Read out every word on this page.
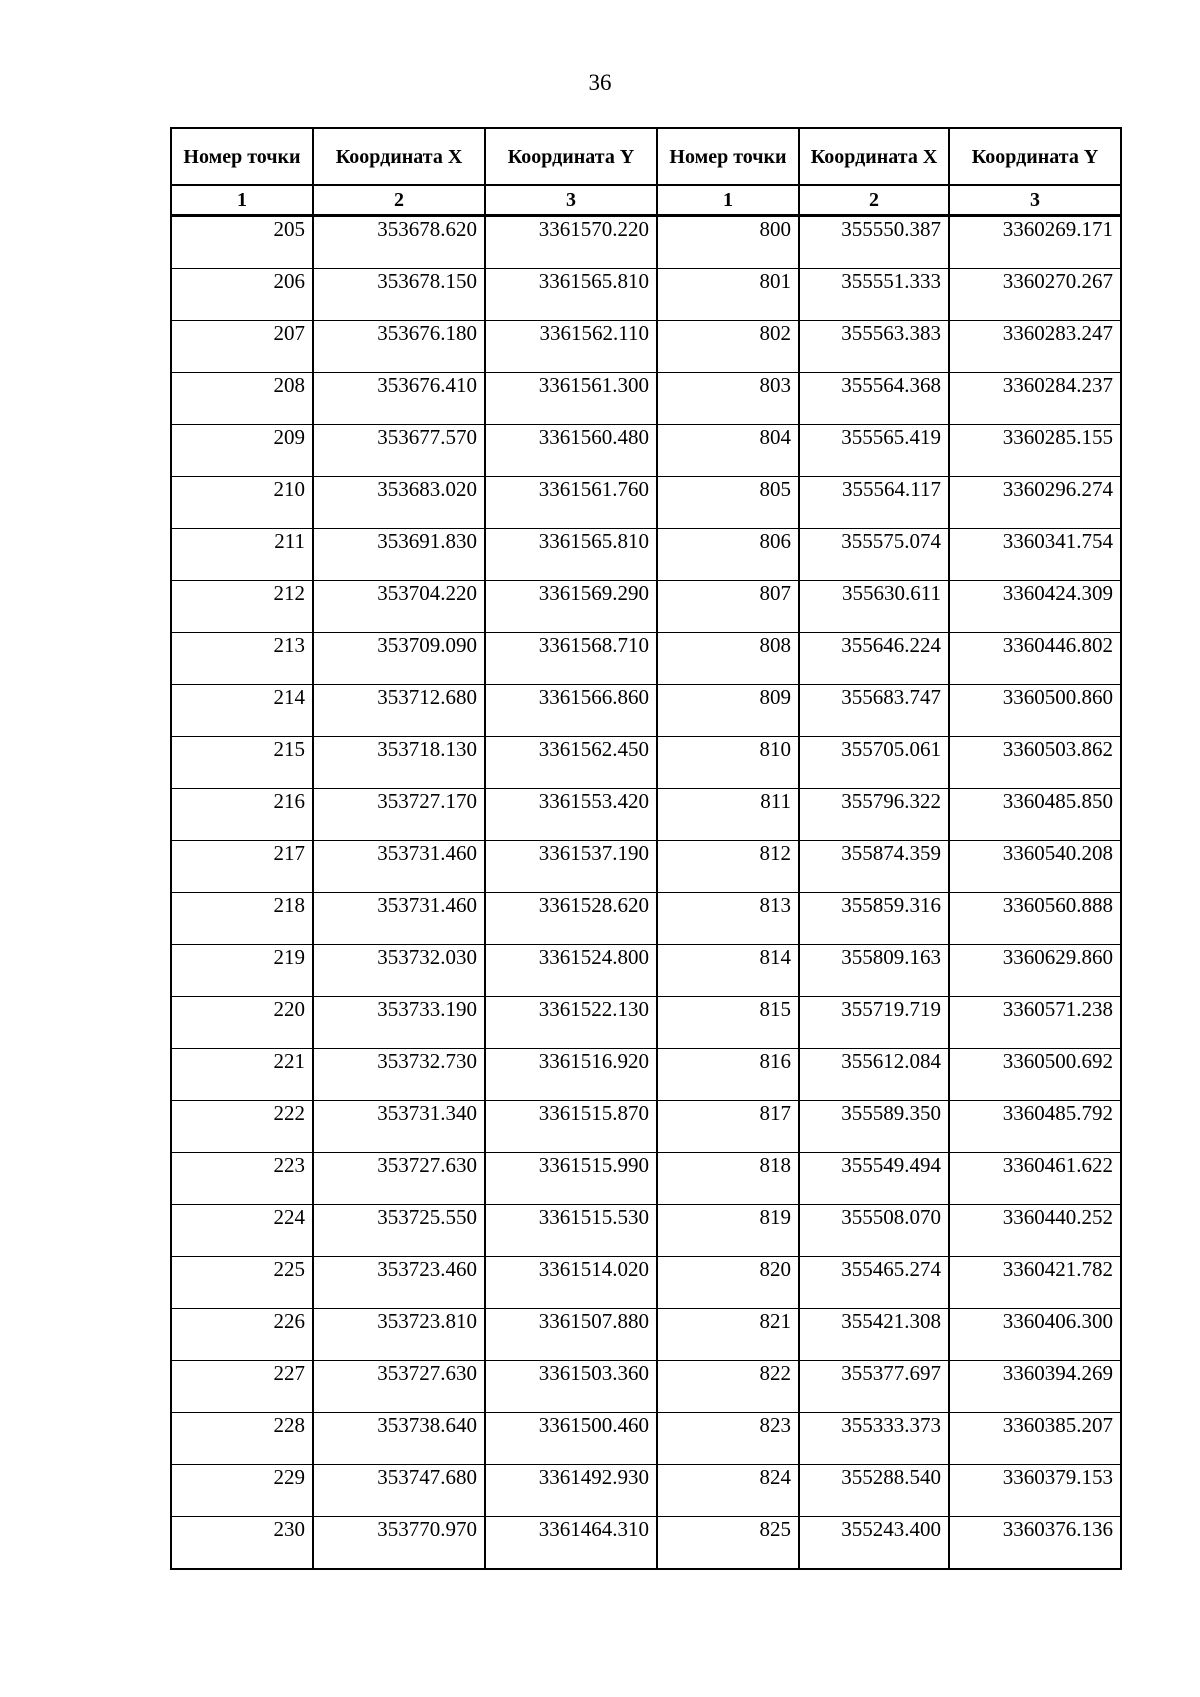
36
Номер точки	Координата X	Координата Y	Номер точки	Координата X	Координата Y
1	2	3	1	2	3
205	353678.620	3361570.220	800	355550.387	3360269.171
206	353678.150	3361565.810	801	355551.333	3360270.267
207	353676.180	3361562.110	802	355563.383	3360283.247
208	353676.410	3361561.300	803	355564.368	3360284.237
209	353677.570	3361560.480	804	355565.419	3360285.155
210	353683.020	3361561.760	805	355564.117	3360296.274
211	353691.830	3361565.810	806	355575.074	3360341.754
212	353704.220	3361569.290	807	355630.611	3360424.309
213	353709.090	3361568.710	808	355646.224	3360446.802
214	353712.680	3361566.860	809	355683.747	3360500.860
215	353718.130	3361562.450	810	355705.061	3360503.862
216	353727.170	3361553.420	811	355796.322	3360485.850
217	353731.460	3361537.190	812	355874.359	3360540.208
218	353731.460	3361528.620	813	355859.316	3360560.888
219	353732.030	3361524.800	814	355809.163	3360629.860
220	353733.190	3361522.130	815	355719.719	3360571.238
221	353732.730	3361516.920	816	355612.084	3360500.692
222	353731.340	3361515.870	817	355589.350	3360485.792
223	353727.630	3361515.990	818	355549.494	3360461.622
224	353725.550	3361515.530	819	355508.070	3360440.252
225	353723.460	3361514.020	820	355465.274	3360421.782
226	353723.810	3361507.880	821	355421.308	3360406.300
227	353727.630	3361503.360	822	355377.697	3360394.269
228	353738.640	3361500.460	823	355333.373	3360385.207
229	353747.680	3361492.930	824	355288.540	3360379.153
230	353770.970	3361464.310	825	355243.400	3360376.136
